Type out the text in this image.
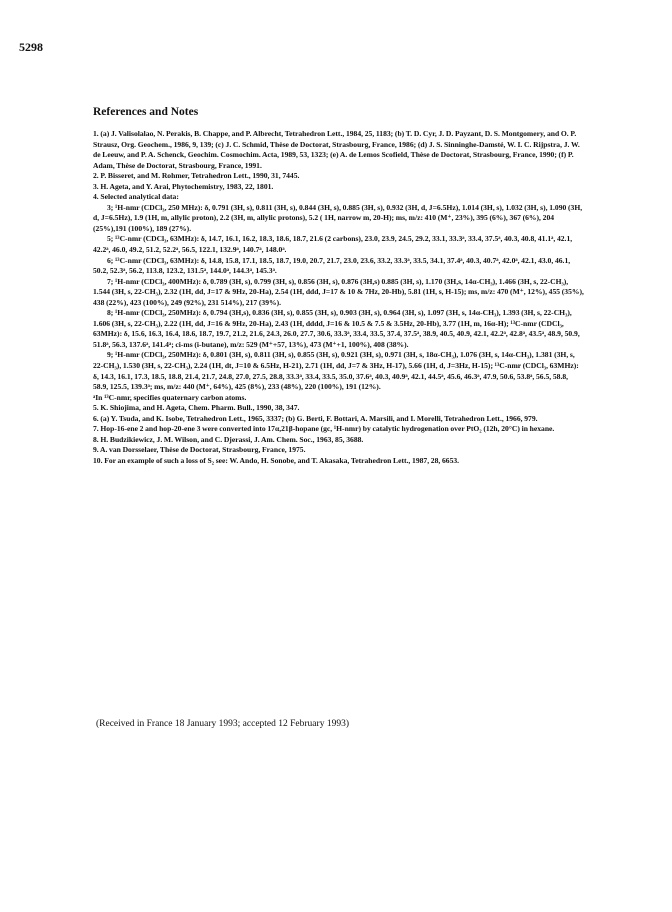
5298
References and Notes

1. (a) J. Valisolalao, N. Perakis, B. Chappe, and P. Albrecht, Tetrahedron Lett., 1984, 25, 1183; (b) T. D. Cyr, J. D. Payzant, D. S. Montgomery, and O. P. Strausz, Org. Geochem., 1986, 9, 139; (c) J. C. Schmid, Thèse de Doctorat, Strasbourg, France, 1986; (d) J. S. Sinninghe-Damsté, W. I. C. Rijpstra, J. W. de Leeuw, and P. A. Schenck, Geochim. Cosmochim. Acta, 1989, 53, 1323; (e) A. de Lemos Scofield, Thèse de Doctorat, Strasbourg, France, 1990; (f) P. Adam, Thèse de Doctorat, Strasbourg, France, 1991.

2. P. Bisseret, and M. Rohmer, Tetrahedron Lett., 1990, 31, 7445.

3. H. Ageta, and Y. Arai, Phytochemistry, 1983, 22, 1801.

4. Selected analytical data:

3; ¹H-nmr (CDCl₃, 250 MHz): δ, 0.791 (3H, s), 0.811 (3H, s), 0.844 (3H, s), 0.885 (3H, s), 0.932 (3H, d, J=6.5Hz), 1.014 (3H, s), 1.032 (3H, s), 1.090 (3H, d, J=6.5Hz), 1.9 (1H, m, allylic proton), 2.2 (3H, m, allylic protons), 5.2 ( 1H, narrow m, 20-H); ms, m/z: 410 (M⁺, 23%), 395 (6%), 367 (6%), 204 (25%),191 (100%), 189 (27%).

5; ¹³C-nmr (CDCl₃, 63MHz): δ, 14.7, 16.1, 16.2, 18.3, 18.6, 18.7, 21.6 (2 carbons), 23.0, 23.9, 24.5, 29.2, 33.1, 33.3ᵃ, 33.4, 37.5ᵃ, 40.3, 40.8, 41.1ᵃ, 42.1, 42.2ᵃ, 46.0, 49.2, 51.2, 52.2ᵃ, 56.5, 122.1, 132.9ᵃ, 140.7ᵃ, 148.0ᵃ.

6; ¹³C-nmr (CDCl₃, 63MHz): δ, 14.8, 15.8, 17.1, 18.5, 18.7, 19.0, 20.7, 21.7, 23.0, 23.6, 33.2, 33.3ᵃ, 33.5, 34.1, 37.4ᵃ, 40.3, 40.7ᵃ, 42.0ᵃ, 42.1, 43.0, 46.1, 50.2, 52.3ᵃ, 56.2, 113.8, 123.2, 131.5ᵃ, 144.0ᵃ, 144.3ᵃ, 145.3ᵃ.

7; ¹H-nmr (CDCl₃, 400MHz): δ, 0.789 (3H, s), 0.799 (3H, s), 0.856 (3H, s), 0.876 (3H,s) 0.885 (3H, s), 1.170 (3H,s, 14α-CH₃), 1.466 (3H, s, 22-CH₃), 1.544 (3H, s, 22-CH₃), 2.32 (1H, dd, J=17 & 9Hz, 20-Ha), 2.54 (1H, ddd, J=17 & 10 & 7Hz, 20-Hb), 5.81 (1H, s, H-15); ms, m/z: 470 (M⁺, 12%), 455 (35%), 438 (22%), 423 (100%), 249 (92%), 231 514%), 217 (39%).

8; ¹H-nmr (CDCl₃, 250MHz): δ, 0.794 (3H,s), 0.836 (3H, s), 0.855 (3H, s), 0.903 (3H, s), 0.964 (3H, s), 1.097 (3H, s, 14α-CH₃), 1.393 (3H, s, 22-CH₃), 1.606 (3H, s, 22-CH₃), 2.22 (1H, dd, J=16 & 9Hz, 20-Ha), 2.43 (1H, dddd, J=16 & 10.5 & 7.5 & 3.5Hz, 20-Hb), 3.77 (1H, m, 16α-H); ¹³C-nmr (CDCl₃, 63MHz): δ, 15.6, 16.3, 16.4, 18.6, 18.7, 19.7, 21.2, 21.6, 24.3, 26.0, 27.7, 30.6, 33.3ᵃ, 33.4, 33.5, 37.4, 37.5ᵃ, 38.9, 40.5, 40.9, 42.1, 42.2ᵃ, 42.8ᵃ, 43.5ᵃ, 48.9, 50.9, 51.8ᵃ, 56.3, 137.6ᵃ, 141.4ᵃ; ci-ms (i-butane), m/z: 529 (M⁺+57, 13%), 473 (M⁺+1, 100%), 408 (38%).

9; ¹H-nmr (CDCl₃, 250MHz): δ, 0.801 (3H, s), 0.811 (3H, s), 0.855 (3H, s), 0.921 (3H, s), 0.971 (3H, s, 18α-CH₃), 1.076 (3H, s, 14α-CH₃), 1.381 (3H, s, 22-CH₃), 1.530 (3H, s, 22-CH₃), 2.24 (1H, dt, J=10 & 6.5Hz, H-21), 2.71 (1H, dd, J=7 & 3Hz, H-17), 5.66 (1H, d, J=3Hz, H-15); ¹³C-nmr (CDCl₃, 63MHz): δ, 14.3, 16.1, 17.3, 18.5, 18.8, 21.4, 21.7, 24.8, 27.0, 27.5, 28.8, 33.3ᵃ, 33.4, 33.5, 35.0, 37.6ᵃ, 40.3, 40.9ᵃ, 42.1, 44.5ᵃ, 45.6, 46.3ᵃ, 47.9, 50.6, 53.8ᵃ, 56.5, 58.8, 58.9, 125.5, 139.3ᵃ; ms, m/z: 440 (M⁺, 64%), 425 (8%), 233 (48%), 220 (100%), 191 (12%).

ᵃIn ¹³C-nmr, specifies quaternary carbon atoms.

5. K. Shiojima, and H. Ageta, Chem. Pharm. Bull., 1990, 38, 347.

6. (a) Y. Tsuda, and K. Isobe, Tetrahedron Lett., 1965, 3337; (b) G. Berti, F. Bottari, A. Marsili, and I. Morelli, Tetrahedron Lett., 1966, 979.

7. Hop-16-ene 2 and hop-20-ene 3 were converted into 17α,21β-hopane (gc, ¹H-nmr) by catalytic hydrogenation over PtO₂ (12h, 20°C) in hexane.

8. H. Budzikiewicz, J. M. Wilson, and C. Djerassi, J. Am. Chem. Soc., 1963, 85, 3688.

9. A. van Dorsselaer, Thèse de Doctorat, Strasbourg, France, 1975.

10. For an example of such a loss of S₂ see: W. Ando, H. Sonobe, and T. Akasaka, Tetrahedron Lett., 1987, 28, 6653.

(Received in France 18 January 1993; accepted 12 February 1993)
